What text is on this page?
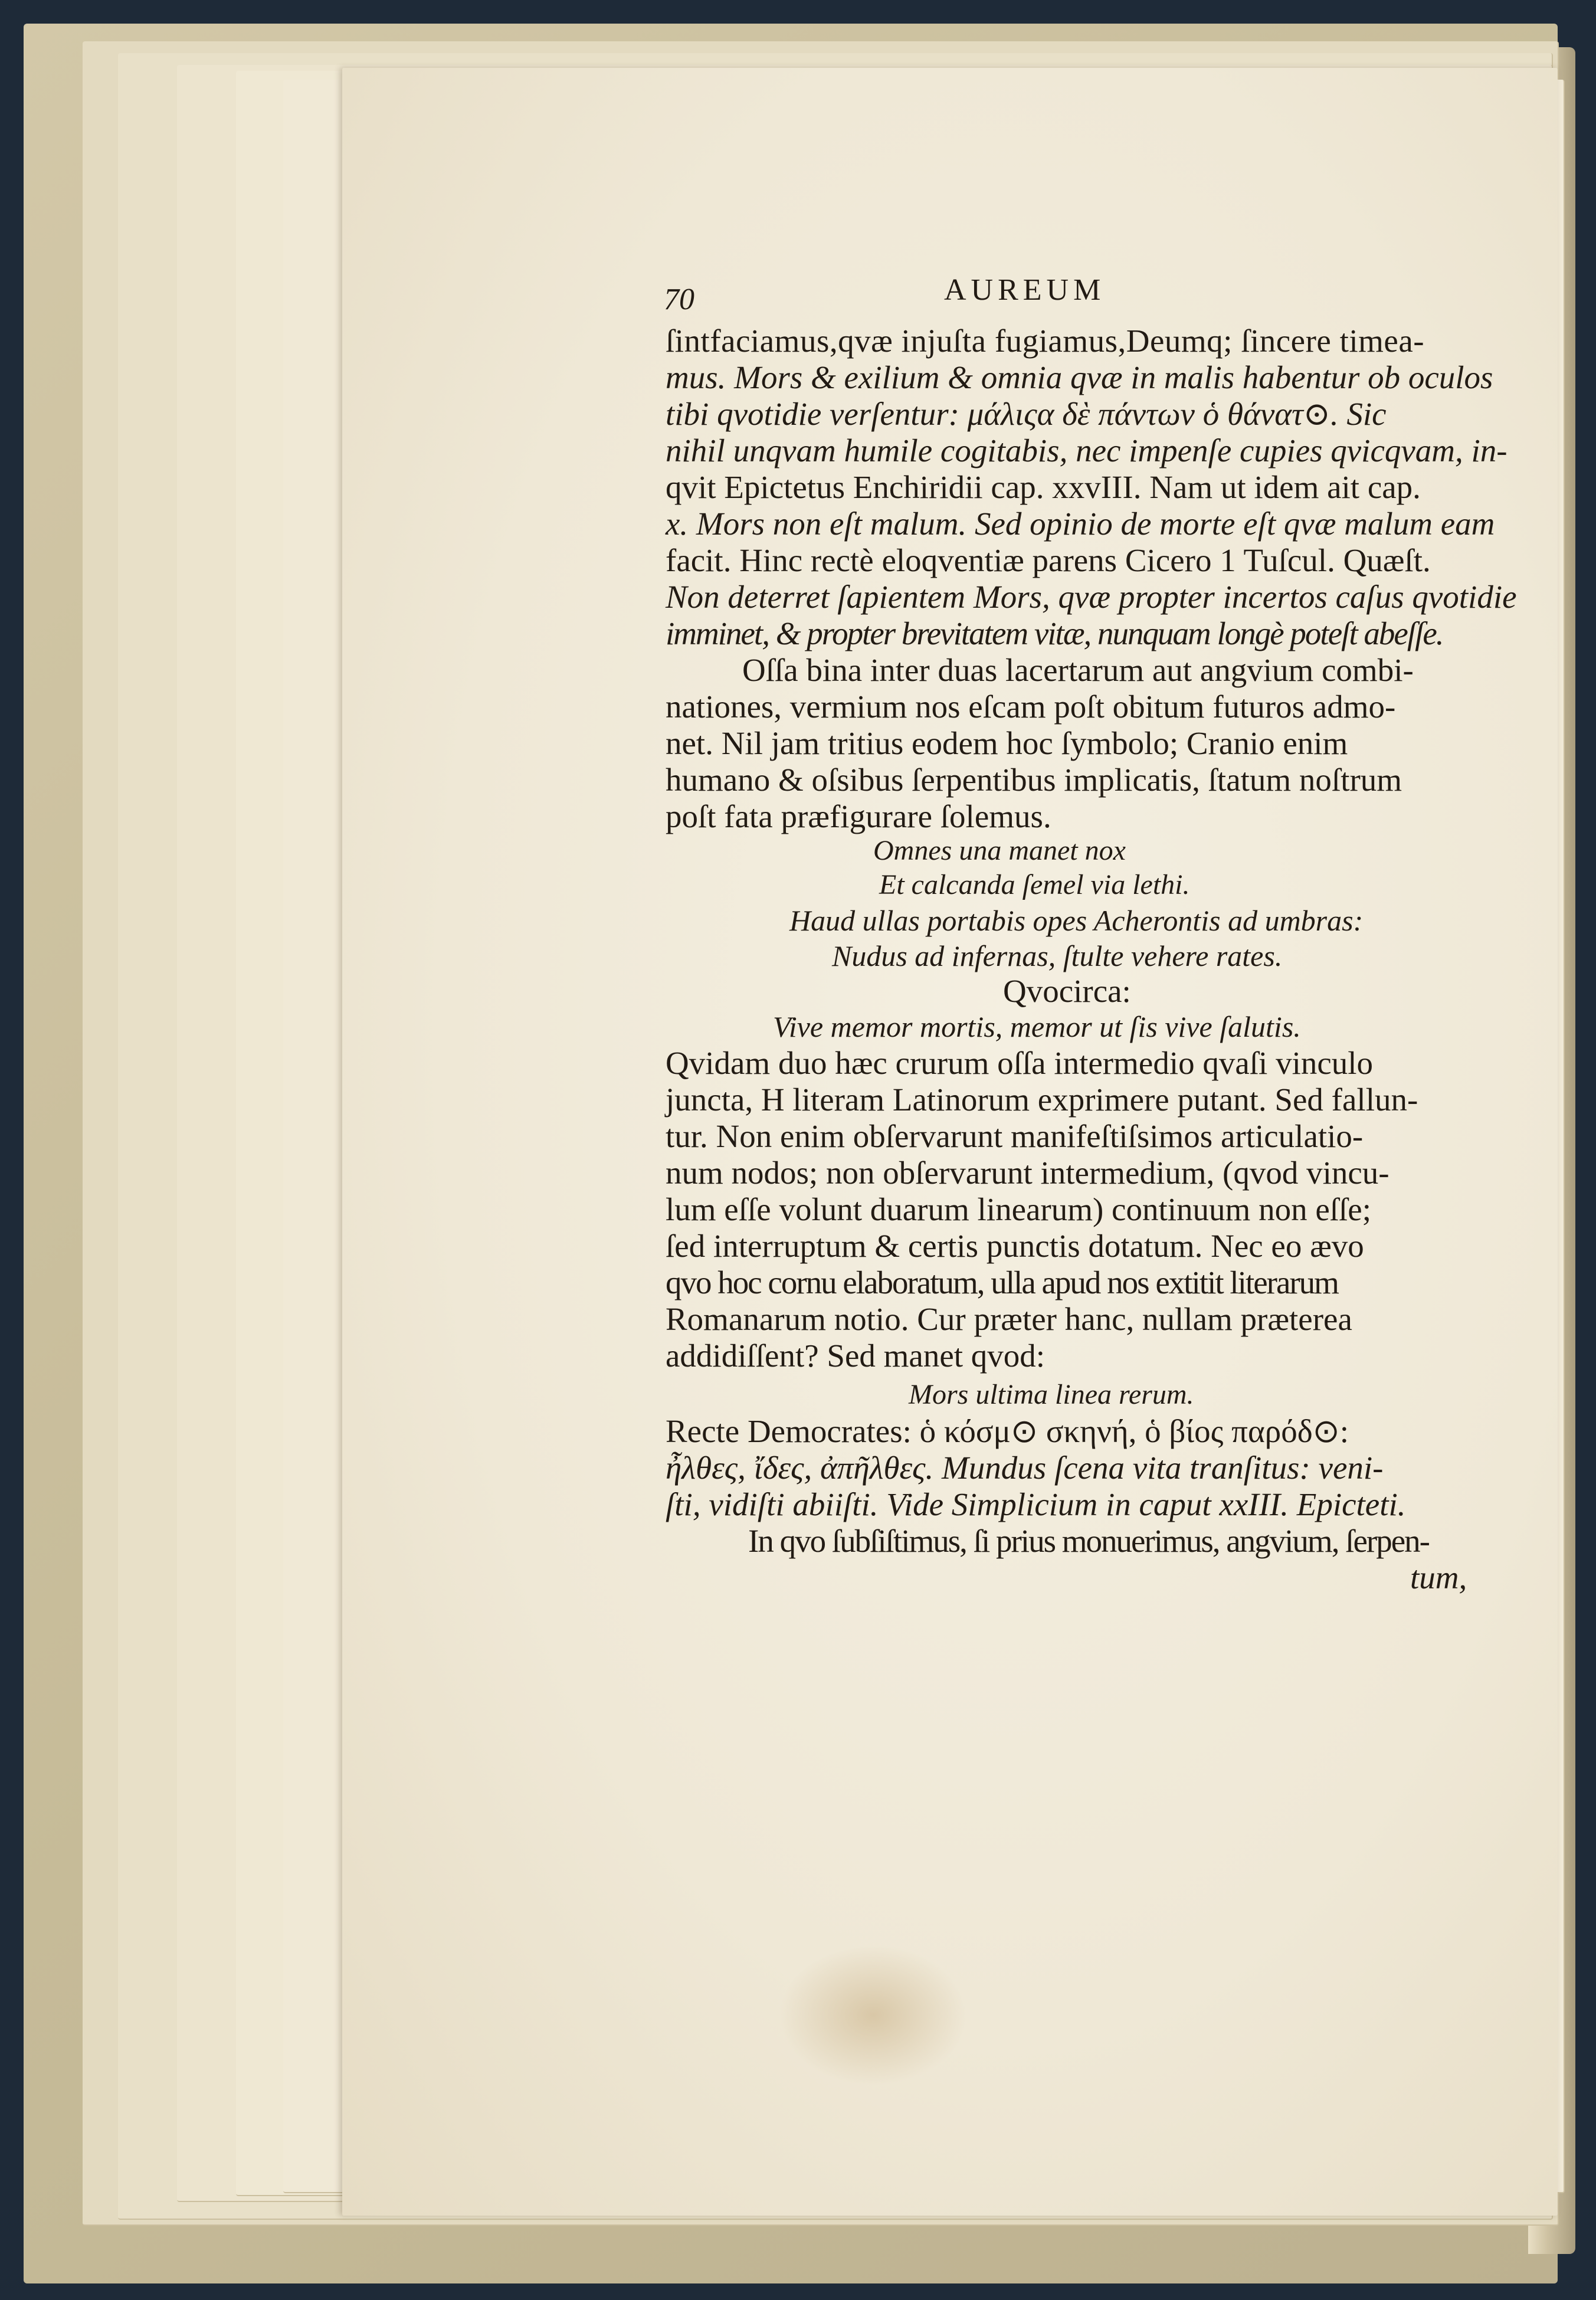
70	AUREUM
ſintfaciamus,qvæ injuſta fugiamus,Deumq; ſincere timea-
mus. Mors & exilium & omnia qvæ in malis habentur ob oculos
tibi qvotidie verſentur: μάλιςα δὲ πάντων ὁ θάνατ⊙. Sic
nihil unqvam humile cogitabis, nec impenſe cupies qvicqvam, in-
qvit Epictetus Enchiridii cap. xxvIII. Nam ut idem ait cap.
x. Mors non eſt malum. Sed opinio de morte eſt qvæ malum eam
facit. Hinc rectè eloqventiæ parens Cicero 1 Tuſcul. Quæſt.
Non deterret ſapientem Mors, qvæ propter incertos caſus qvotidie
imminet, & propter brevitatem vitæ, nunquam longè poteſt abeſſe.
Oſſa bina inter duas lacertarum aut angvium combi-
nationes, vermium nos eſcam poſt obitum futuros admo-
net. Nil jam tritius eodem hoc ſymbolo; Cranio enim
humano & oſsibus ſerpentibus implicatis, ſtatum noſtrum
poſt fata præfigurare ſolemus.
Omnes una manet nox
Et calcanda ſemel via lethi.
Haud ullas portabis opes Acherontis ad umbras:
Nudus ad infernas, ſtulte vehere rates.
Qvocirca:
Vive memor mortis, memor ut ſis vive ſalutis.
Qvidam duo hæc crurum oſſa intermedio qvaſi vinculo
juncta, H literam Latinorum exprimere putant. Sed fallun-
tur. Non enim obſervarunt manifeſtiſsimos articulatio-
num nodos; non obſervarunt intermedium, (qvod vincu-
lum eſſe volunt duarum linearum) continuum non eſſe;
ſed interruptum & certis punctis dotatum. Nec eo ævo
qvo hoc cornu elaboratum, ulla apud nos extitit literarum
Romanarum notio. Cur præter hanc, nullam præterea
addidiſſent? Sed manet qvod:
Mors ultima linea rerum.
Recte Democrates: ὁ κόσμ⊙ σκηνή, ὁ βίος παρόδ⊙:
ἦλθες, ἴδες, ἀπῆλθες. Mundus ſcena vita tranſitus: veni-
ſti, vidiſti abiiſti. Vide Simplicium in caput xxIII. Epicteti.
In qvo ſubſiſtimus, ſi prius monuerimus, angvium, ſerpen-
tum,
